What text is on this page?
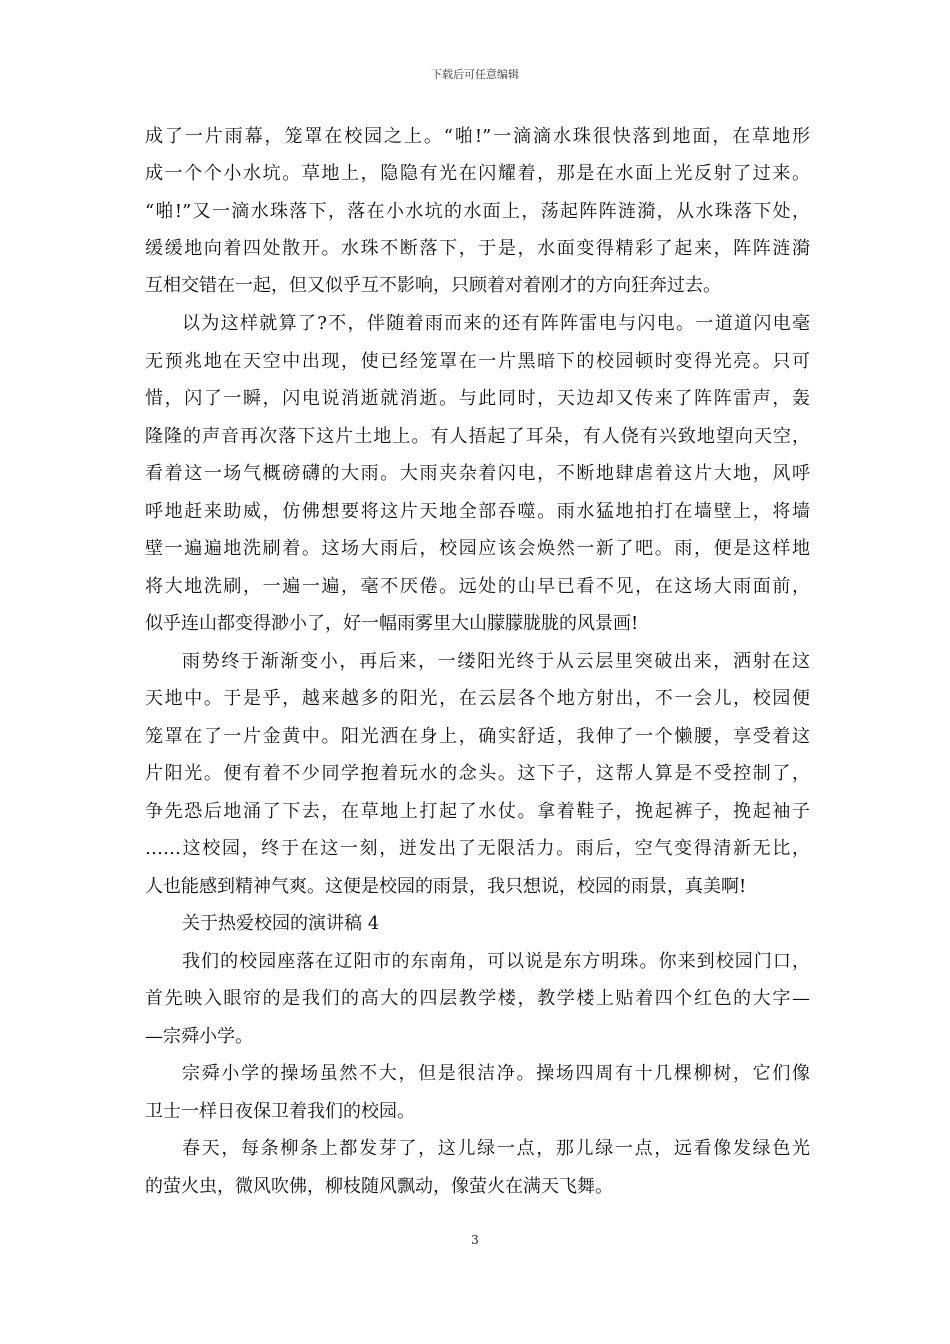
下载后可任意编辑
成了一片雨幕，笼罩在校园之上。“啪!”一滴滴水珠很快落到地面，在草地形
成一个个小水坑。草地上，隐隐有光在闪耀着，那是在水面上光反射了过来。
“啪!”又一滴水珠落下，落在小水坑的水面上，荡起阵阵涟漪，从水珠落下处，
缓缓地向着四处散开。水珠不断落下，于是，水面变得精彩了起来，阵阵涟漪
互相交错在一起，但又似乎互不影响，只顾着对着刚才的方向狂奔过去。
以为这样就算了?不，伴随着雨而来的还有阵阵雷电与闪电。一道道闪电毫
无预兆地在天空中出现，使已经笼罩在一片黑暗下的校园顿时变得光亮。只可
惜，闪了一瞬，闪电说消逝就消逝。与此同时，天边却又传来了阵阵雷声，轰
隆隆的声音再次落下这片土地上。有人捂起了耳朵，有人侥有兴致地望向天空，
看着这一场气概磅礴的大雨。大雨夹杂着闪电，不断地肆虐着这片大地，风呼
呼地赶来助威，仿佛想要将这片天地全部吞噬。雨水猛地拍打在墙壁上，将墙
壁一遍遍地洗刷着。这场大雨后，校园应该会焕然一新了吧。雨，便是这样地
将大地洗刷，一遍一遍，毫不厌倦。远处的山早已看不见，在这场大雨面前，
似乎连山都变得渺小了，好一幅雨雾里大山朦朦胧胧的风景画!
雨势终于渐渐变小，再后来，一缕阳光终于从云层里突破出来，洒射在这
天地中。于是乎，越来越多的阳光，在云层各个地方射出，不一会儿，校园便
笼罩在了一片金黄中。阳光洒在身上，确实舒适，我伸了一个懒腰，享受着这
片阳光。便有着不少同学抱着玩水的念头。这下子，这帮人算是不受控制了，
争先恐后地涌了下去，在草地上打起了水仗。拿着鞋子，挽起裤子，挽起袖子
……这校园，终于在这一刻，迸发出了无限活力。雨后，空气变得清新无比，
人也能感到精神气爽。这便是校园的雨景，我只想说，校园的雨景，真美啊!
关于热爱校园的演讲稿 4
我们的校园座落在辽阳市的东南角，可以说是东方明珠。你来到校园门口，
首先映入眼帘的是我们的高大的四层教学楼，教学楼上贴着四个红色的大字—
—宗舜小学。
宗舜小学的操场虽然不大，但是很洁净。操场四周有十几棵柳树，它们像
卫士一样日夜保卫着我们的校园。
春天，每条柳条上都发芽了，这儿绿一点，那儿绿一点，远看像发绿色光
的萤火虫，微风吹佛，柳枝随风飘动，像萤火在满天飞舞。
3
